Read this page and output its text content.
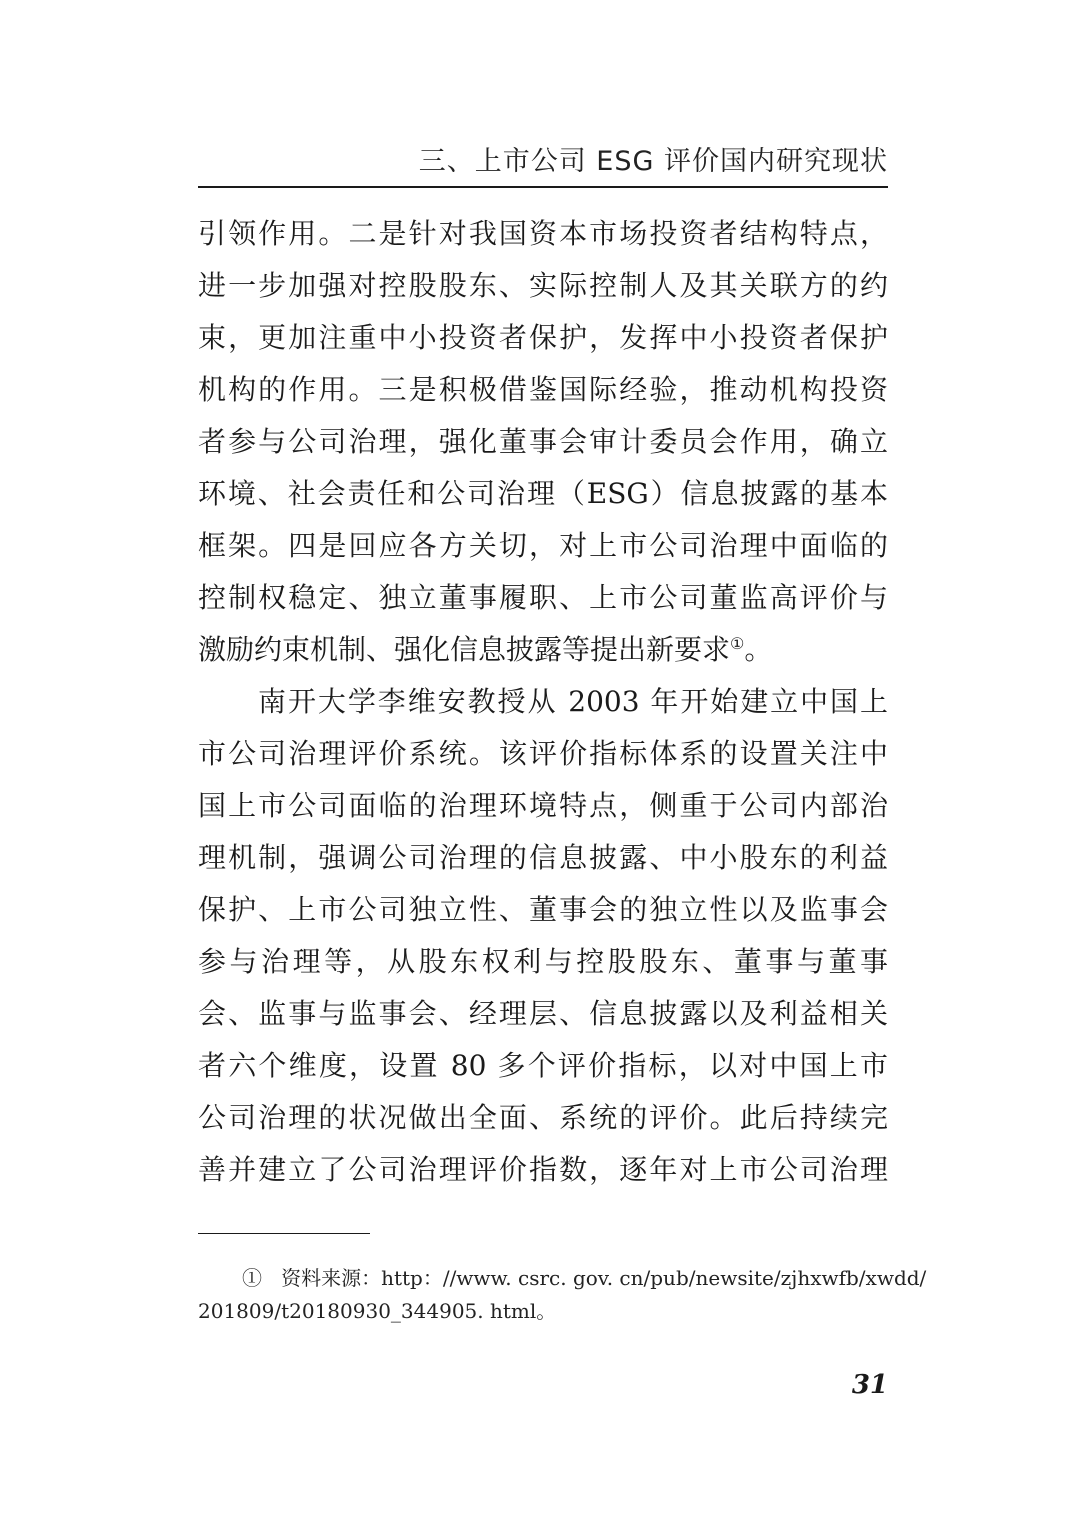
三、上市公司 ESG 评价国内研究现状
引领作用。二是针对我国资本市场投资者结构特点，
进一步加强对控股股东、实际控制人及其关联方的约
束，更加注重中小投资者保护，发挥中小投资者保护
机构的作用。三是积极借鉴国际经验，推动机构投资
者参与公司治理，强化董事会审计委员会作用，确立
环境、社会责任和公司治理（ESG）信息披露的基本
框架。四是回应各方关切，对上市公司治理中面临的
控制权稳定、独立董事履职、上市公司董监高评价与
激励约束机制、强化信息披露等提出新要求①。
南开大学李维安教授从 2003 年开始建立中国上
市公司治理评价系统。该评价指标体系的设置关注中
国上市公司面临的治理环境特点，侧重于公司内部治
理机制，强调公司治理的信息披露、中小股东的利益
保护、上市公司独立性、董事会的独立性以及监事会
参与治理等，从股东权利与控股股东、董事与董事
会、监事与监事会、经理层、信息披露以及利益相关
者六个维度，设置 80 多个评价指标，以对中国上市
公司治理的状况做出全面、系统的评价。此后持续完
善并建立了公司治理评价指数，逐年对上市公司治理
① 资料来源：http：//www. csrc. gov. cn/pub/newsite/zjhxwfb/xwdd/
201809/t20180930_344905. html。
31
